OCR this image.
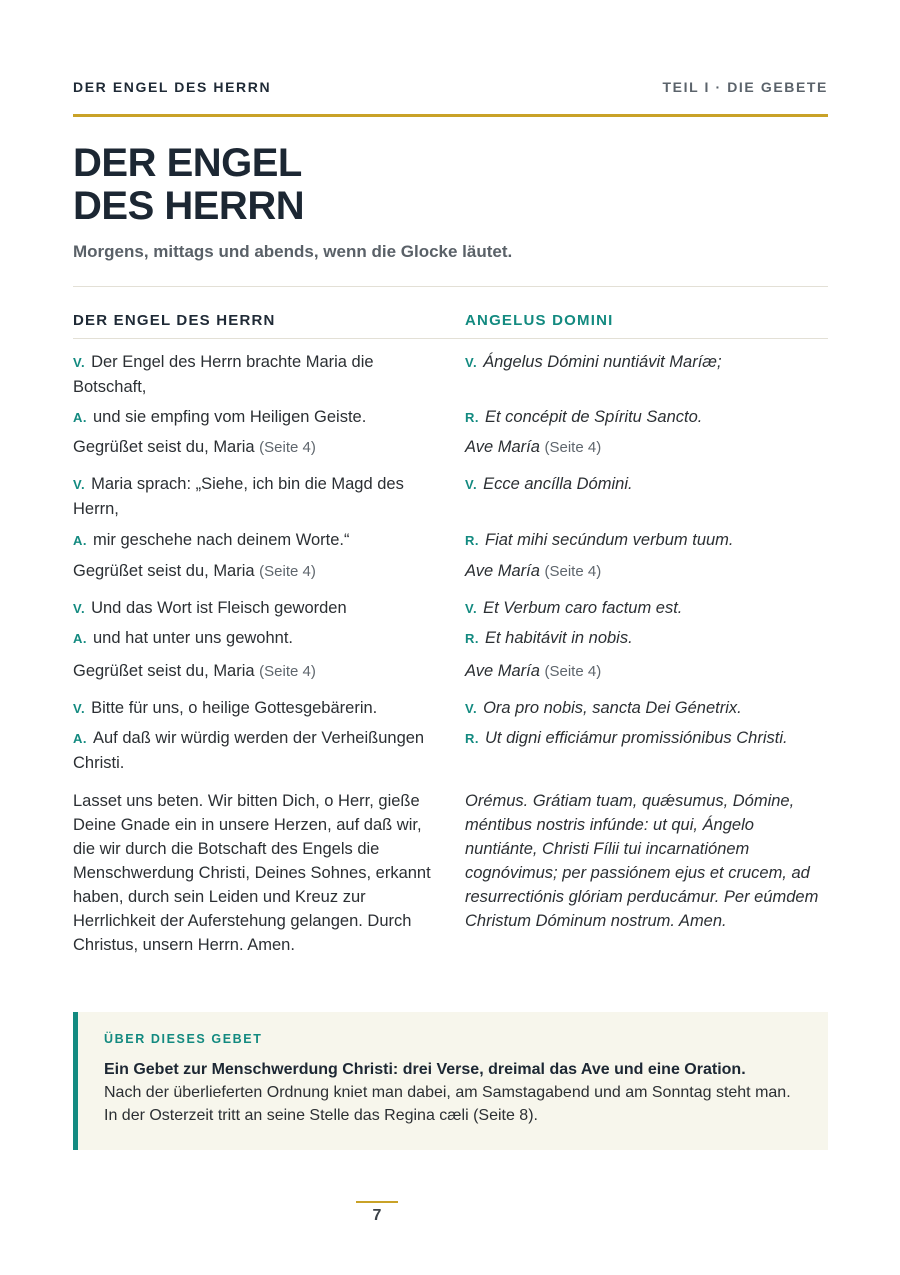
DER ENGEL DES HERRN	TEIL I · DIE GEBETE
DER ENGEL
DES HERRN

Morgens, mittags und abends, wenn die Glocke läutet.

DER ENGEL DES HERRN	ANGELUS DOMINI
V. Der Engel des Herrn brachte Maria die Botschaft,
A. und sie empfing vom Heiligen Geiste.
Gegrüßet seist du, Maria (Seite 4)
V. Maria sprach: „Siehe, ich bin die Magd des Herrn,
A. mir geschehe nach deinem Worte.“
Gegrüßet seist du, Maria (Seite 4)
V. Und das Wort ist Fleisch geworden
A. und hat unter uns gewohnt.
Gegrüßet seist du, Maria (Seite 4)
V. Bitte für uns, o heilige Gottesgebärerin.
A. Auf daß wir würdig werden der Verheißungen Christi.
Lasset uns beten. Wir bitten Dich, o Herr, gieße Deine Gnade ein in unsere Herzen, auf daß wir, die wir durch die Botschaft des Engels die Menschwerdung Christi, Deines Sohnes, erkannt haben, durch sein Leiden und Kreuz zur Herrlichkeit der Auferstehung gelangen. Durch Christus, unsern Herrn. Amen.
V. Ángelus Dómini nuntiávit Maríæ;
R. Et concépit de Spíritu Sancto.
Ave María (Seite 4)
V. Ecce ancílla Dómini.
R. Fiat mihi secúndum verbum tuum.
Ave María (Seite 4)
V. Et Verbum caro factum est.
R. Et habitávit in nobis.
Ave María (Seite 4)
V. Ora pro nobis, sancta Dei Génetrix.
R. Ut digni efficiámur promissiónibus Christi.
Orémus. Grátiam tuam, quǽsumus, Dómine, méntibus nostris infúnde: ut qui, Ángelo nuntiánte, Christi Fílii tui incarnatiónem cognóvimus; per passiónem ejus et crucem, ad resurrectiónis glóriam perducámur. Per eúmdem Christum Dóminum nostrum. Amen.

ÜBER DIESES GEBET

Ein Gebet zur Menschwerdung Christi: drei Verse, dreimal das Ave und eine Oration.

Nach der überlieferten Ordnung kniet man dabei, am Samstagabend und am Sonntag steht man. In der Osterzeit tritt an seine Stelle das Regina cæli (Seite 8).

7
